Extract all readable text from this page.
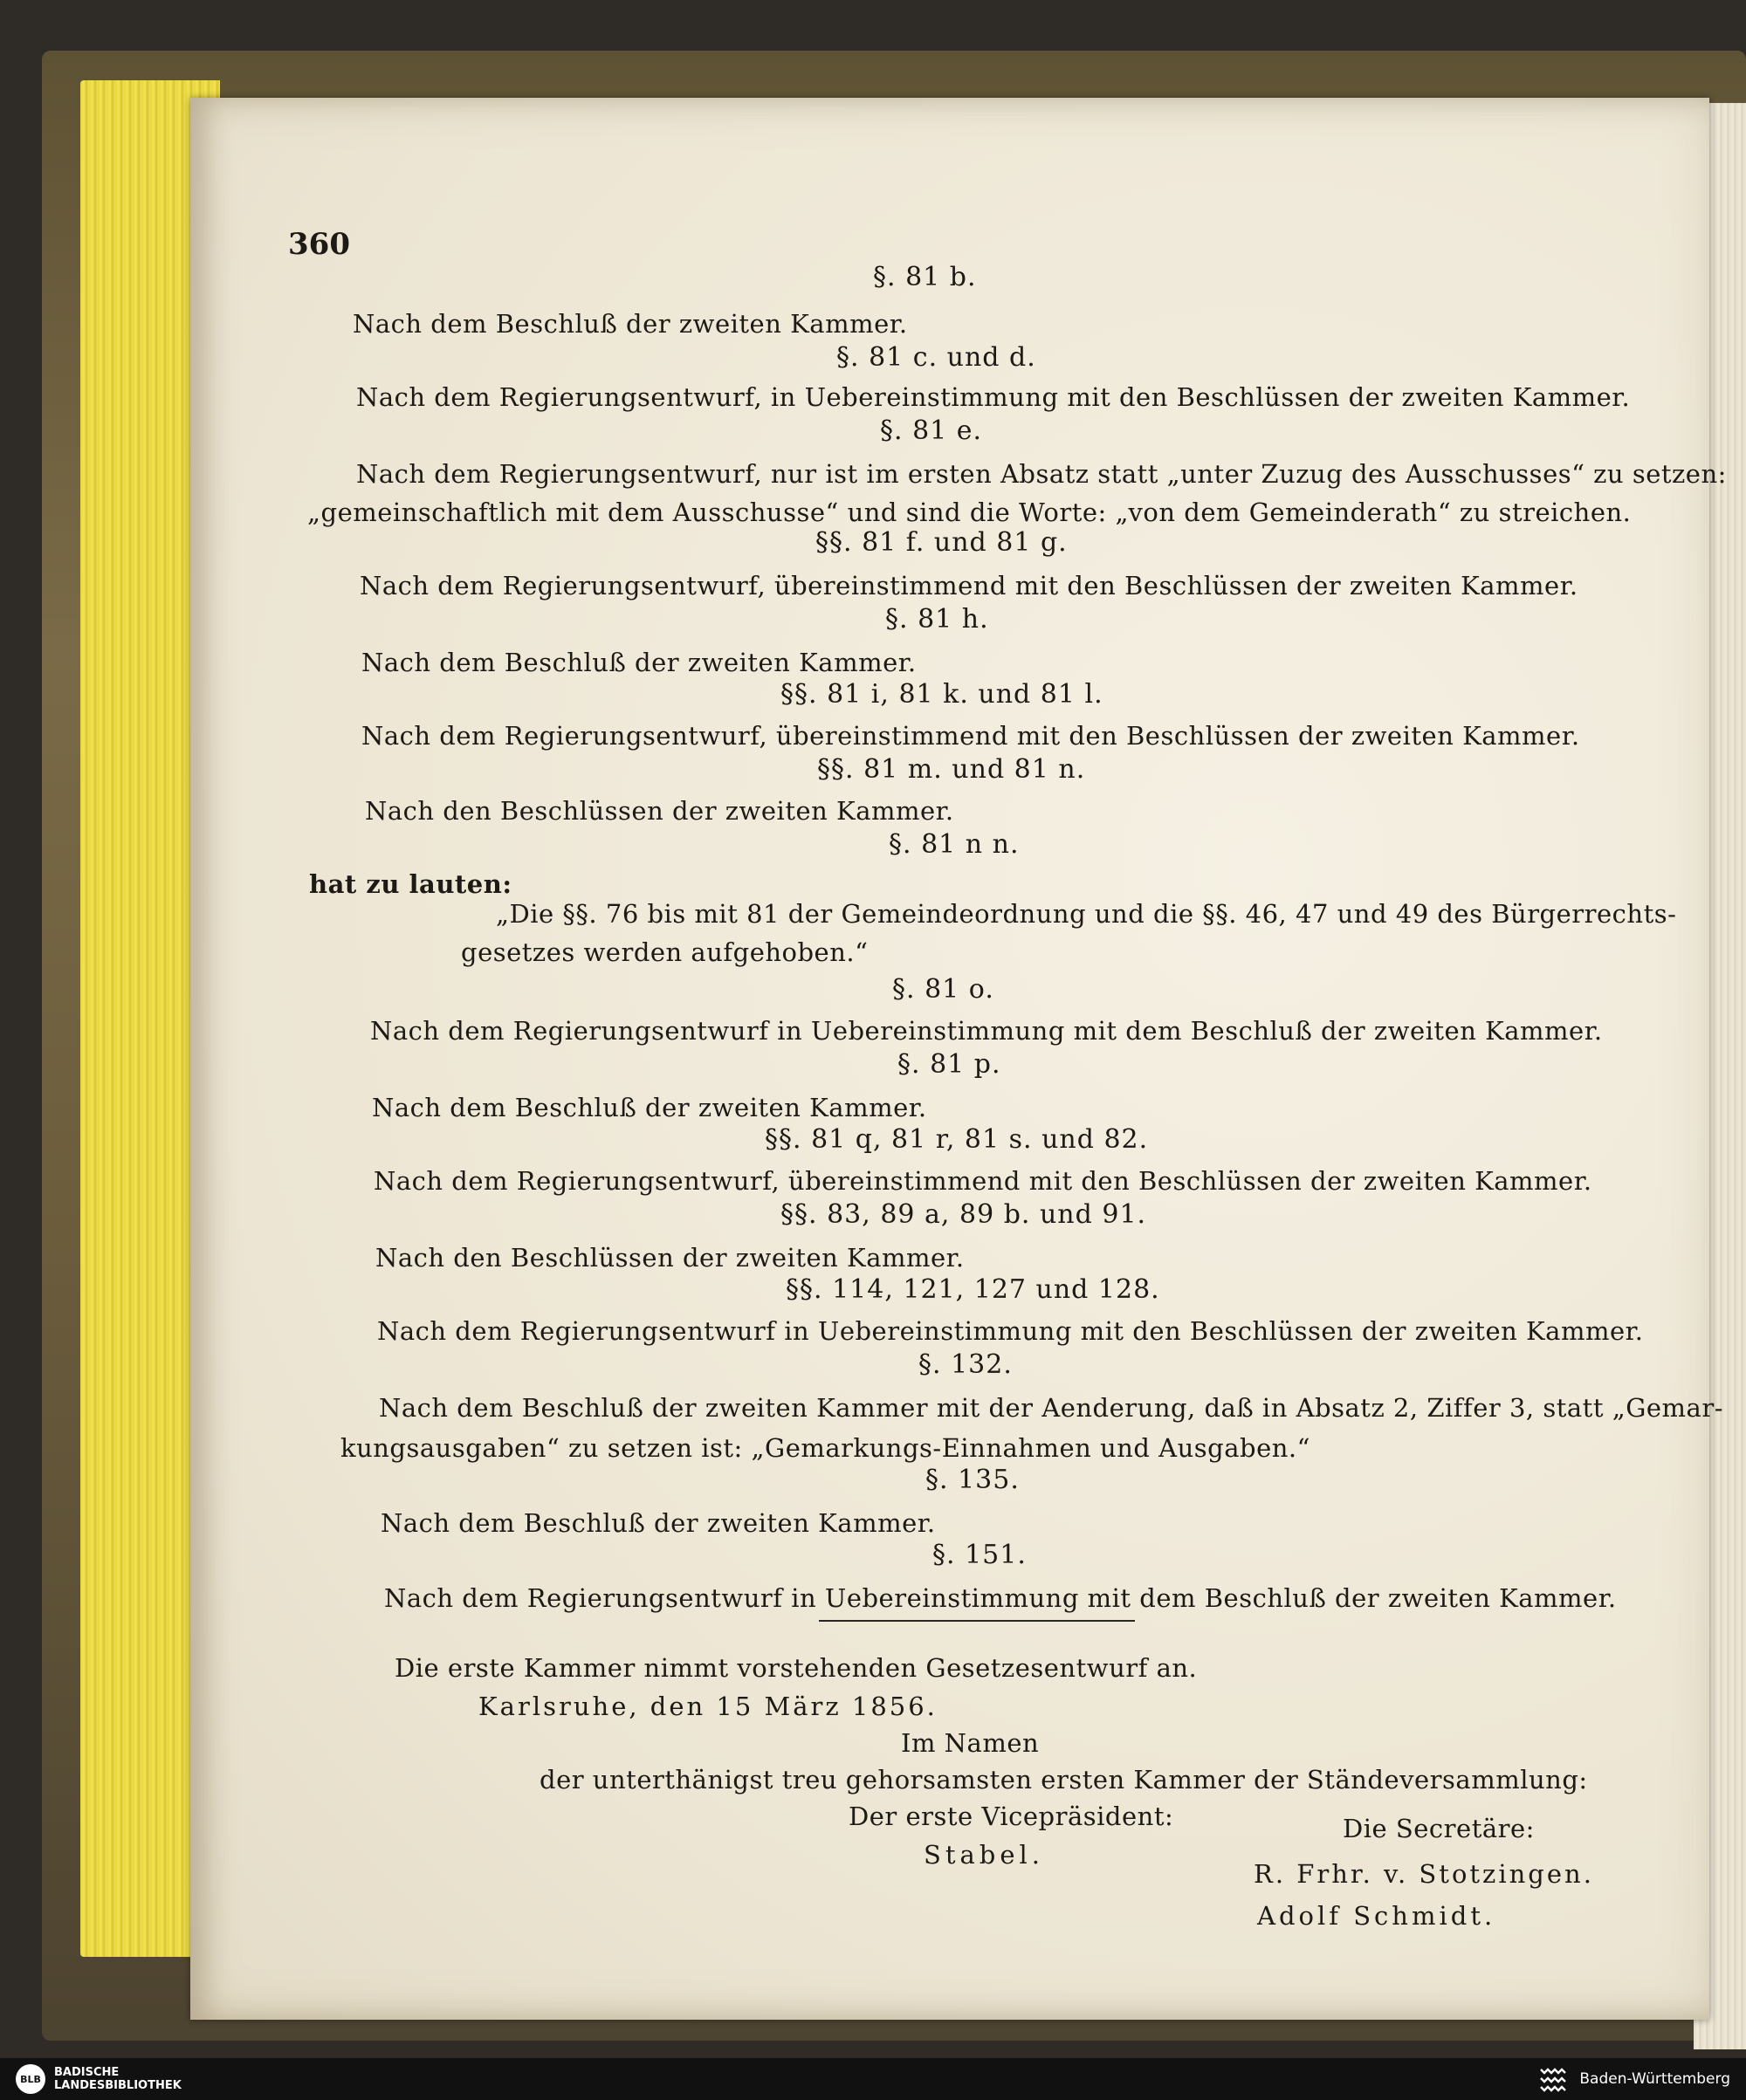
360
§. 81 b.
Nach dem Beschluß der zweiten Kammer.
§. 81 c. und d.
Nach dem Regierungsentwurf, in Uebereinstimmung mit den Beschlüssen der zweiten Kammer.
§. 81 e.
Nach dem Regierungsentwurf, nur ist im ersten Absatz statt „unter Zuzug des Ausschusses“ zu setzen:
„gemeinschaftlich mit dem Ausschusse“ und sind die Worte: „von dem Gemeinderath“ zu streichen.
§§. 81 f. und 81 g.
Nach dem Regierungsentwurf, übereinstimmend mit den Beschlüssen der zweiten Kammer.
§. 81 h.
Nach dem Beschluß der zweiten Kammer.
§§. 81 i, 81 k. und 81 l.
Nach dem Regierungsentwurf, übereinstimmend mit den Beschlüssen der zweiten Kammer.
§§. 81 m. und 81 n.
Nach den Beschlüssen der zweiten Kammer.
§. 81 n n.
hat zu lauten:
„Die §§. 76 bis mit 81 der Gemeindeordnung und die §§. 46, 47 und 49 des Bürgerrechts-
gesetzes werden aufgehoben.“
§. 81 o.
Nach dem Regierungsentwurf in Uebereinstimmung mit dem Beschluß der zweiten Kammer.
§. 81 p.
Nach dem Beschluß der zweiten Kammer.
§§. 81 q, 81 r, 81 s. und 82.
Nach dem Regierungsentwurf, übereinstimmend mit den Beschlüssen der zweiten Kammer.
§§. 83, 89 a, 89 b. und 91.
Nach den Beschlüssen der zweiten Kammer.
§§. 114, 121, 127 und 128.
Nach dem Regierungsentwurf in Uebereinstimmung mit den Beschlüssen der zweiten Kammer.
§. 132.
Nach dem Beschluß der zweiten Kammer mit der Aenderung, daß in Absatz 2, Ziffer 3, statt „Gemar-
kungsausgaben“ zu setzen ist: „Gemarkungs-Einnahmen und Ausgaben.“
§. 135.
Nach dem Beschluß der zweiten Kammer.
§. 151.
Nach dem Regierungsentwurf in Uebereinstimmung mit dem Beschluß der zweiten Kammer.
Die erste Kammer nimmt vorstehenden Gesetzesentwurf an.
Karlsruhe, den 15 März 1856.
Im Namen
der unterthänigst treu gehorsamsten ersten Kammer der Ständeversammlung:
Der erste Vicepräsident:
Stabel.
Die Secretäre:
R. Frhr. v. Stotzingen.
Adolf Schmidt.
BLB	BADISCHE
LANDESBIBLIOTHEK	Baden-Württemberg
